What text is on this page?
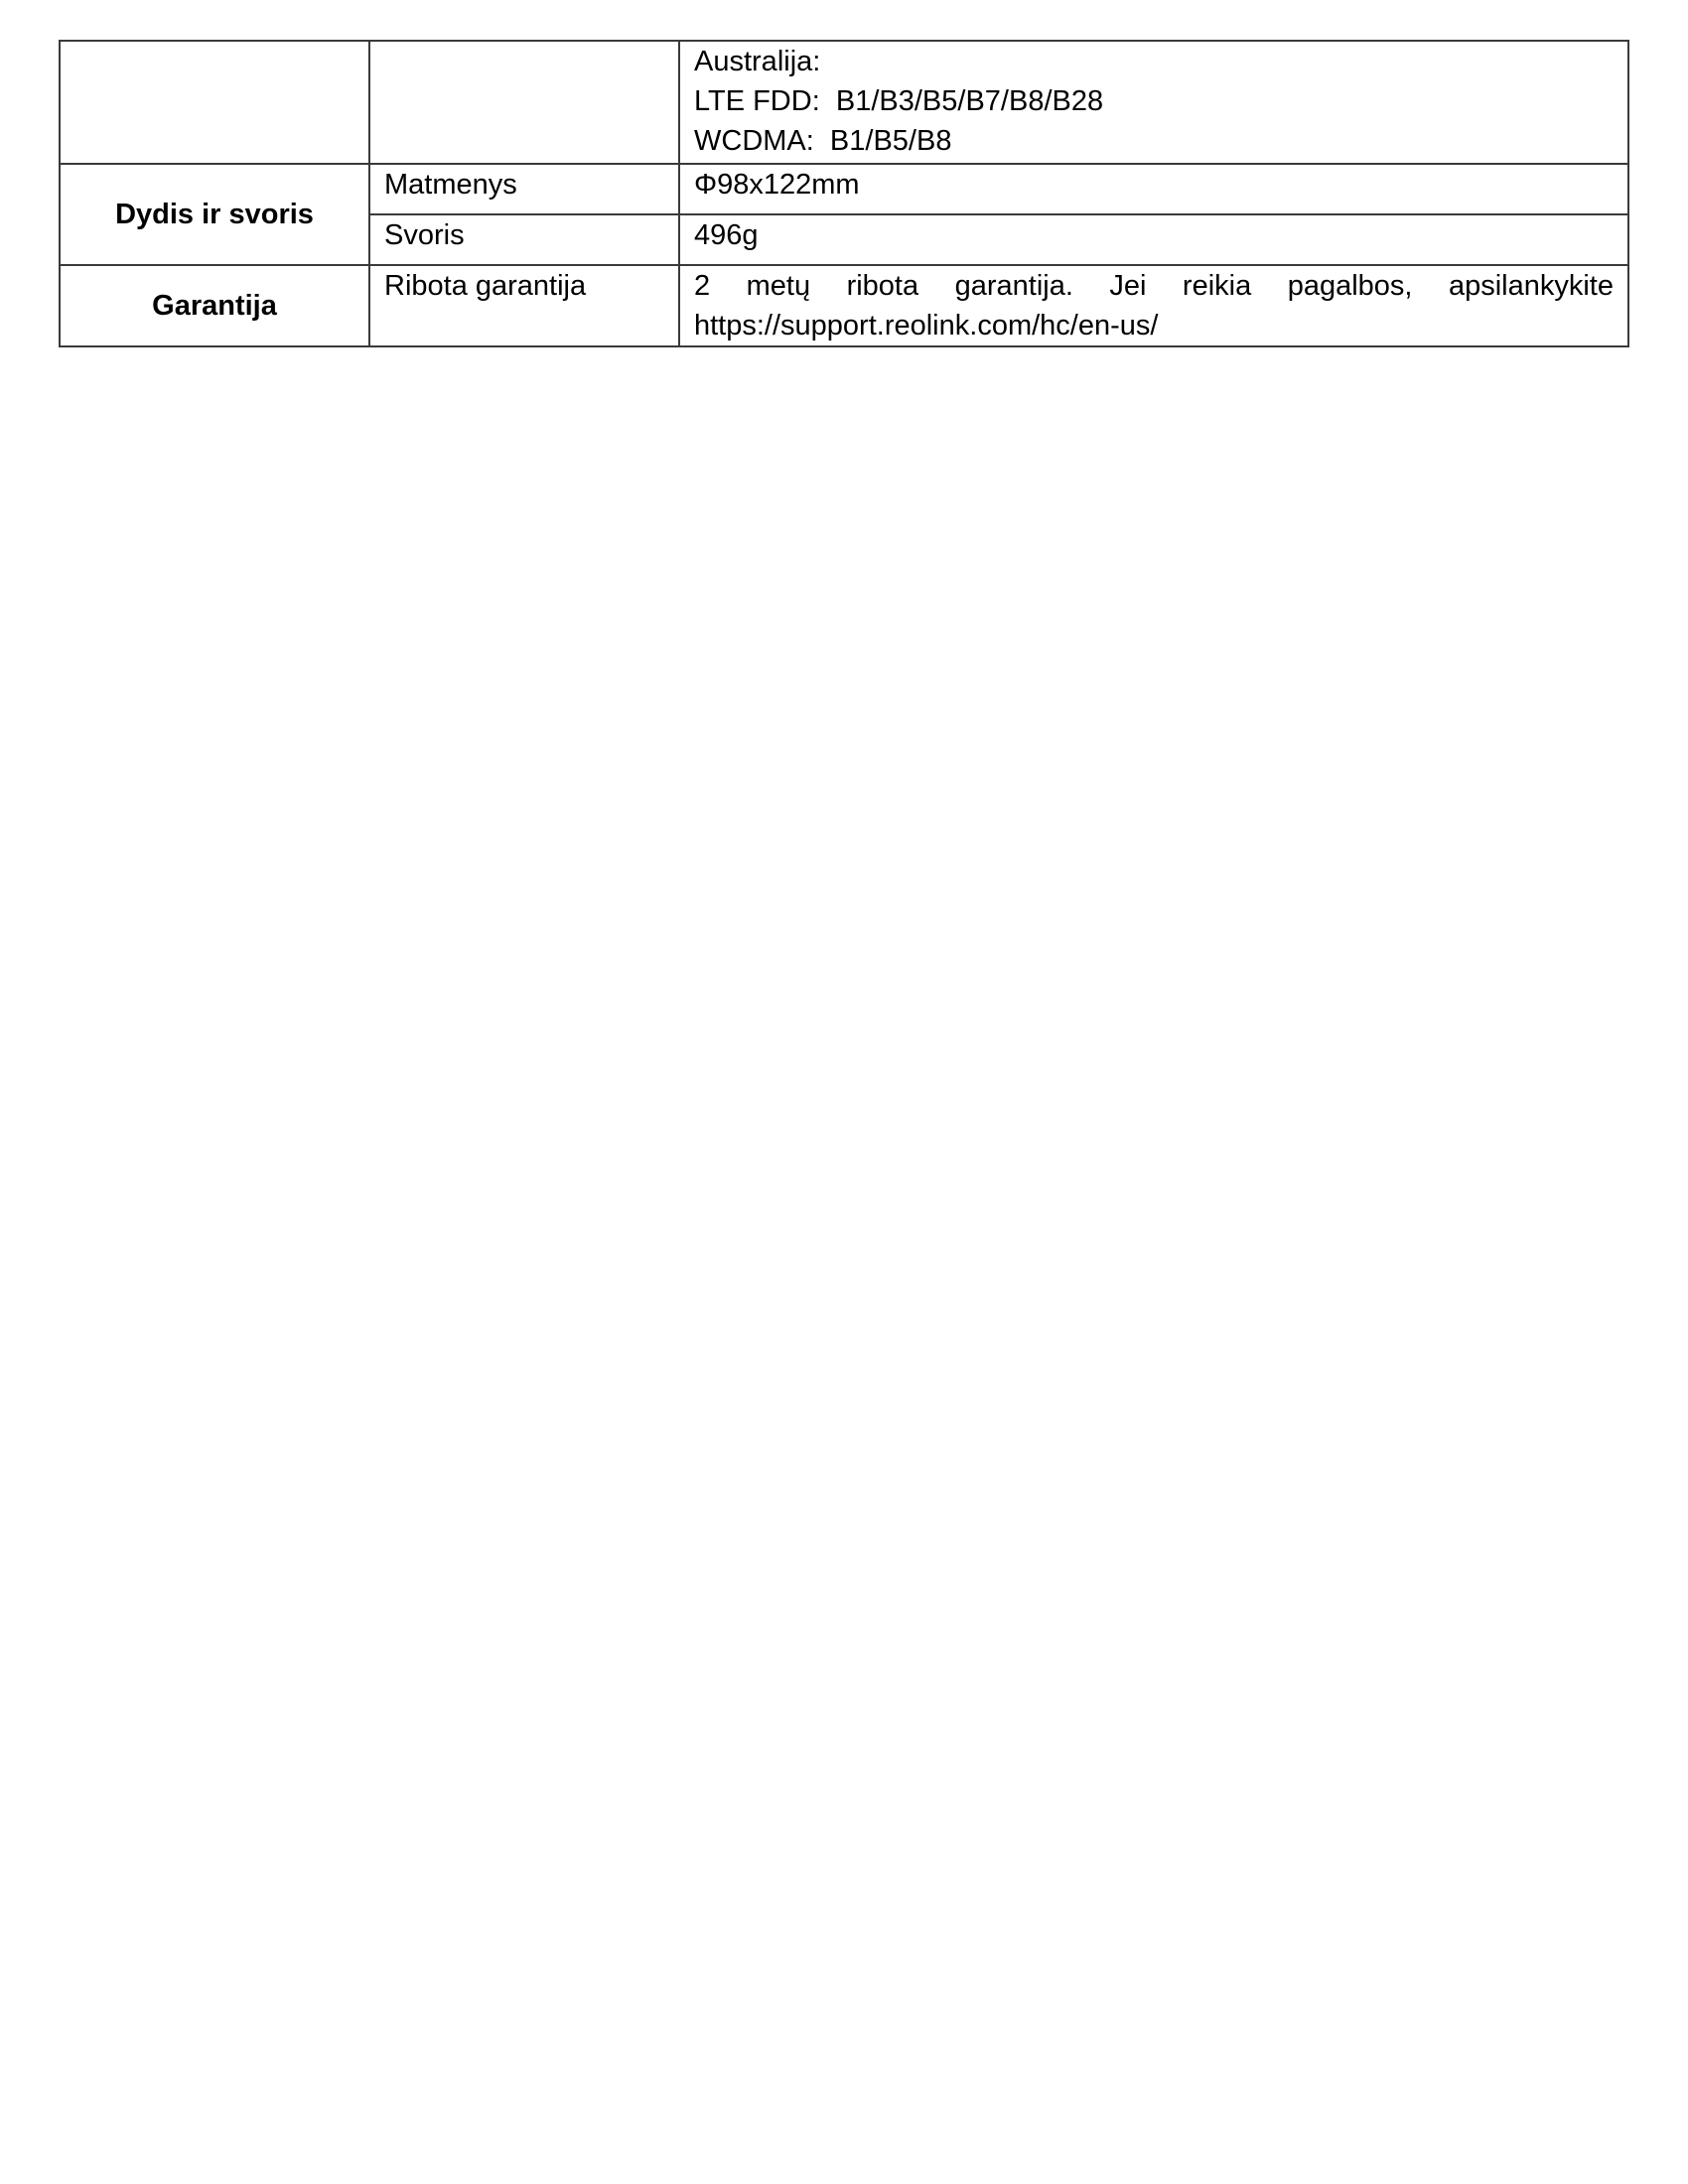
		Australija:
LTE FDD:  B1/B3/B5/B7/B8/B28
WCDMA:  B1/B5/B8

Dydis ir svoris	Matmenys	Φ98x122mm
	Svoris	496g
Garantija	Ribota garantija	2 metų ribota garantija. Jei reikia pagalbos, apsilankykite https://support.reolink.com/hc/en-us/
